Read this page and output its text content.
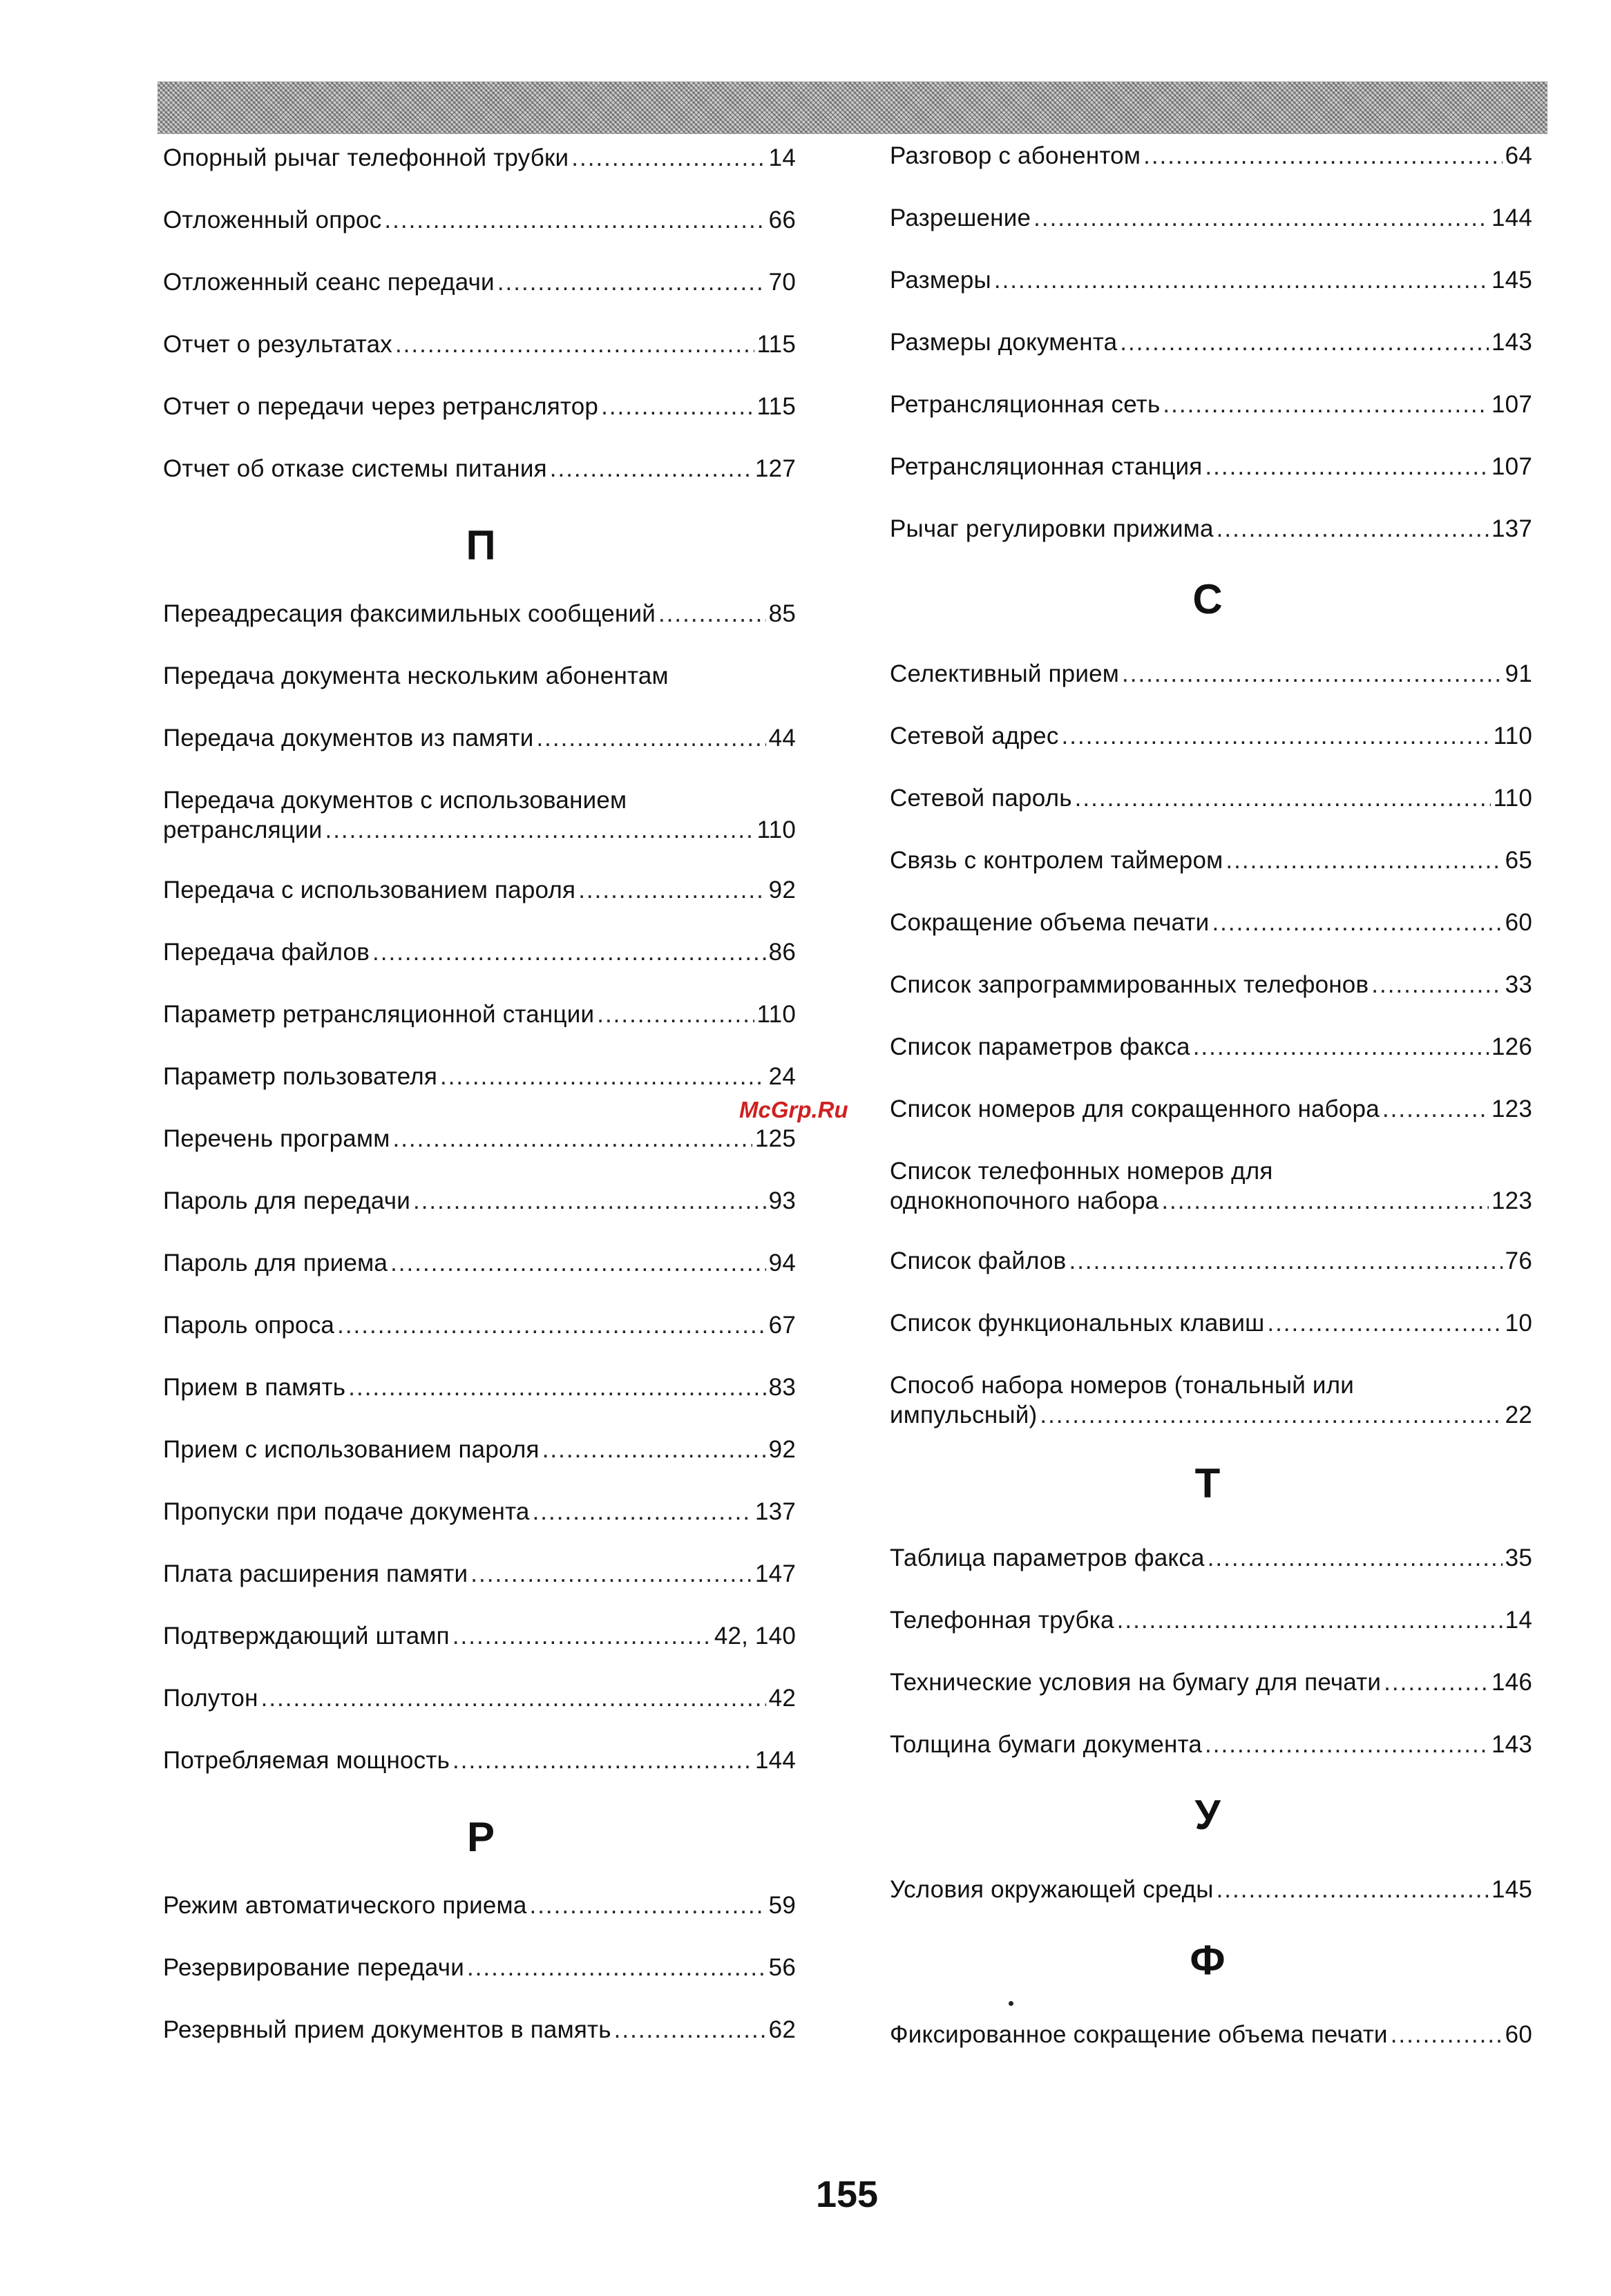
Опорный рычаг телефонной трубки .....	14
Отложенный опрос .....	66
Отложенный сеанс передачи .....	70
Отчет о результатах .....	115
Отчет о передачи через ретранслятор .....	115
Отчет об отказе системы питания .....	127
П
Переадресация факсимильных сообщений .....	85
Передача документа нескольким абонентам
Передача документов из памяти .....	44
Передача документов с использованием
ретрансляции .....	110
Передача с использованием пароля .....	92
Передача файлов .....	86
Параметр ретрансляционной станции .....	110
Параметр пользователя .....	24
Перечень программ .....	125
Пароль для передачи .....	93
Пароль для приема .....	94
Пароль опроса .....	67
Прием в память .....	83
Прием с использованием пароля .....	92
Пропуски при подаче документа .....	137
Плата расширения памяти .....	147
Подтверждающий штамп .....	42, 140
Полутон .....	42
Потребляемая мощность .....	144
Р
Режим автоматического приема .....	59
Резервирование передачи .....	56
Резервный прием документов в память .....	62
Разговор с абонентом .....	64
Разрешение .....	144
Размеры .....	145
Размеры документа .....	143
Ретрансляционная сеть .....	107
Ретрансляционная станция .....	107
Рычаг регулировки прижима .....	137
С
Селективный прием .....	91
Сетевой адрес .....	110
Сетевой пароль .....	110
Связь с контролем таймером .....	65
Сокращение объема печати .....	60
Список запрограммированных телефонов .....	33
Список параметров факса .....	126
Список номеров для сокращенного набора .....	123
Список телефонных номеров для
однокнопочного набора .....	123
Список файлов .....	76
Список функциональных клавиш .....	10
Способ набора номеров (тональный или
импульсный) .....	22
Т
Таблица параметров факса .....	35
Телефонная трубка .....	14
Технические условия на бумагу для печати .....	146
Толщина бумаги документа .....	143
У
Условия окружающей среды .....	145
Ф
Фиксированное сокращение объема печати .....	60
McGrp.Ru
155
